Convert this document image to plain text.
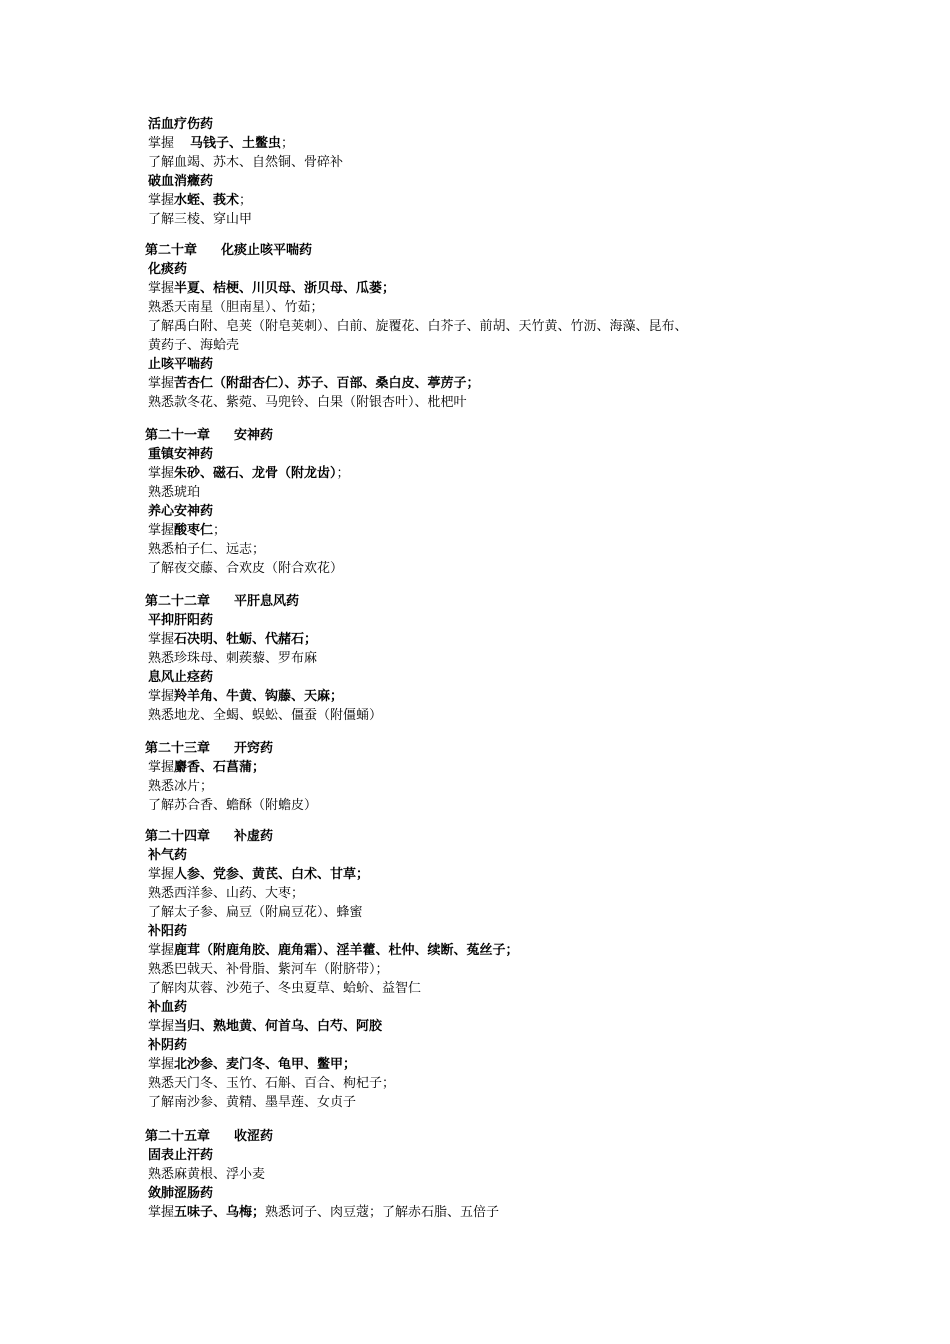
活血疗伤药
掌握 马钱子、土鳖虫；
了解血竭、苏木、自然铜、骨碎补
破血消癥药
掌握水蛭、莪术；
了解三棱、穿山甲
第二十章 化痰止咳平喘药
化痰药
掌握半夏、桔梗、川贝母、浙贝母、瓜蒌；
熟悉天南星（胆南星）、竹茹；
了解禹白附、皂荚（附皂荚刺）、白前、旋覆花、白芥子、前胡、天竹黄、竹沥、海藻、昆布、
黄药子、海蛤壳
止咳平喘药
掌握苦杏仁（附甜杏仁）、苏子、百部、桑白皮、葶苈子；
熟悉款冬花、紫菀、马兜铃、白果（附银杏叶）、枇杷叶
第二十一章 安神药
重镇安神药
掌握朱砂、磁石、龙骨（附龙齿）；
熟悉琥珀
养心安神药
掌握酸枣仁；
熟悉柏子仁、远志；
了解夜交藤、合欢皮（附合欢花）
第二十二章 平肝息风药
平抑肝阳药
掌握石决明、牡蛎、代赭石；
熟悉珍珠母、刺蒺藜、罗布麻
息风止痉药
掌握羚羊角、牛黄、钩藤、天麻；
熟悉地龙、全蝎、蜈蚣、僵蚕（附僵蛹）
第二十三章 开窍药
掌握麝香、石菖蒲；
熟悉冰片；
了解苏合香、蟾酥（附蟾皮）
第二十四章 补虚药
补气药
掌握人参、党参、黄芪、白术、甘草；
熟悉西洋参、山药、大枣；
了解太子参、扁豆（附扁豆花）、蜂蜜
补阳药
掌握鹿茸（附鹿角胶、鹿角霜）、淫羊藿、杜仲、续断、菟丝子；
熟悉巴戟天、补骨脂、紫河车（附脐带）；
了解肉苁蓉、沙苑子、冬虫夏草、蛤蚧、益智仁
补血药
掌握当归、熟地黄、何首乌、白芍、阿胶
补阴药
掌握北沙参、麦门冬、龟甲、鳖甲；
熟悉天门冬、玉竹、石斛、百合、枸杞子；
了解南沙参、黄精、墨旱莲、女贞子
第二十五章 收涩药
固表止汗药
熟悉麻黄根、浮小麦
敛肺涩肠药
掌握五味子、乌梅；熟悉诃子、肉豆蔻；了解赤石脂、五倍子
